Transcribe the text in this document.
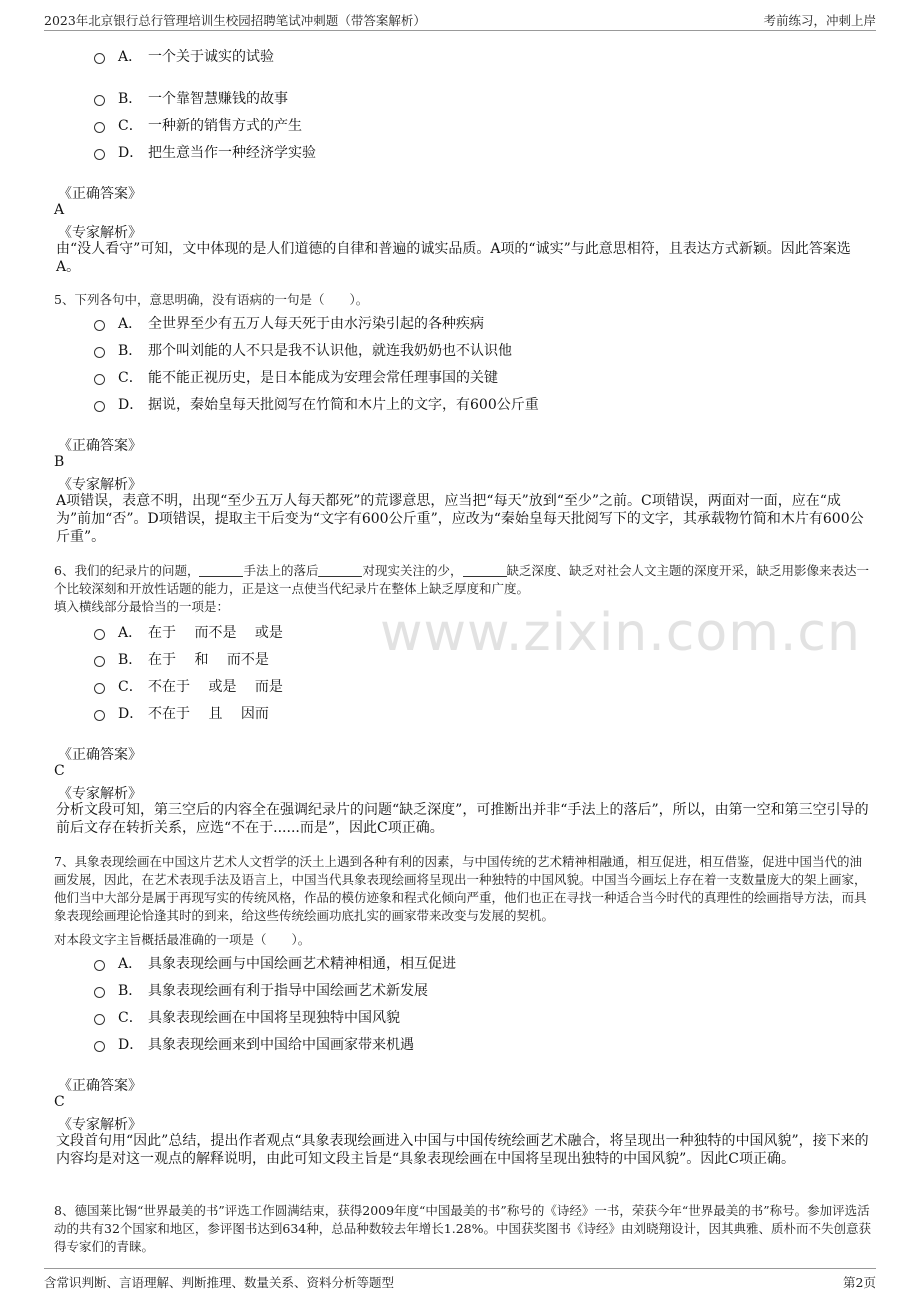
2023年北京银行总行管理培训生校园招聘笔试冲刺题（带答案解析）	考前练习，冲刺上岸
www.zixin.com.cn
A． 一个关于诚实的试验
B． 一个靠智慧赚钱的故事
C． 一种新的销售方式的产生
D． 把生意当作一种经济学实验
《正确答案》
A
《专家解析》
由“没人看守”可知，文中体现的是人们道德的自律和普遍的诚实品质。A项的“诚实”与此意思相符，且表达方式新颖。因此答案选A。
5、下列各句中，意思明确，没有语病的一句是（　　）。
A． 全世界至少有五万人每天死于由水污染引起的各种疾病
B． 那个叫刘能的人不只是我不认识他，就连我奶奶也不认识他
C． 能不能正视历史，是日本能成为安理会常任理事国的关键
D． 据说，秦始皇每天批阅写在竹简和木片上的文字，有600公斤重
《正确答案》
B
《专家解析》
A项错误，表意不明，出现“至少五万人每天都死”的荒谬意思，应当把“每天”放到“至少”之前。C项错误，两面对一面，应在“成为”前加“否”。D项错误，提取主干后变为“文字有600公斤重”，应改为“秦始皇每天批阅写下的文字，其承载物竹简和木片有600公斤重”。
6、我们的纪录片的问题，	手法上的落后	对现实关注的少，	缺乏深度、缺乏对社会人文主题的深度开采，缺乏用影像来表达一个比较深刻和开放性话题的能力，正是这一点使当代纪录片在整体上缺乏厚度和广度。
填入横线部分最恰当的一项是：
A． 在于　 而不是　 或是
B． 在于　 和　 而不是
C． 不在于　 或是　 而是
D． 不在于　 且　 因而
《正确答案》
C
《专家解析》
分析文段可知，第三空后的内容全在强调纪录片的问题“缺乏深度”，可推断出并非“手法上的落后”，所以，由第一空和第三空引导的前后文存在转折关系，应选“不在于......而是”，因此C项正确。
7、具象表现绘画在中国这片艺术人文哲学的沃土上遇到各种有利的因素，与中国传统的艺术精神相融通，相互促进，相互借鉴，促进中国当代的油画发展，因此，在艺术表现手法及语言上，中国当代具象表现绘画将呈现出一种独特的中国风貌。中国当今画坛上存在着一支数量庞大的架上画家，他们当中大部分是属于再现写实的传统风格，作品的模仿迹象和程式化倾向严重，他们也正在寻找一种适合当今时代的真理性的绘画指导方法，而具象表现绘画理论恰逢其时的到来，给这些传统绘画功底扎实的画家带来改变与发展的契机。
对本段文字主旨概括最准确的一项是（　　）。
A． 具象表现绘画与中国绘画艺术精神相通，相互促进
B． 具象表现绘画有利于指导中国绘画艺术新发展
C． 具象表现绘画在中国将呈现独特中国风貌
D． 具象表现绘画来到中国给中国画家带来机遇
《正确答案》
C
《专家解析》
文段首句用“因此”总结，提出作者观点“具象表现绘画进入中国与中国传统绘画艺术融合，将呈现出一种独特的中国风貌”，接下来的内容均是对这一观点的解释说明，由此可知文段主旨是“具象表现绘画在中国将呈现出独特的中国风貌”。因此C项正确。
8、德国莱比锡“世界最美的书”评选工作圆满结束，获得2009年度“中国最美的书”称号的《诗经》一书，荣获今年“世界最美的书”称号。参加评选活动的共有32个国家和地区，参评图书达到634种，总品种数较去年增长1.28%。中国获奖图书《诗经》由刘晓翔设计，因其典雅、质朴而不失创意获得专家们的青睐。
含常识判断、言语理解、判断推理、数量关系、资料分析等题型	第2页
